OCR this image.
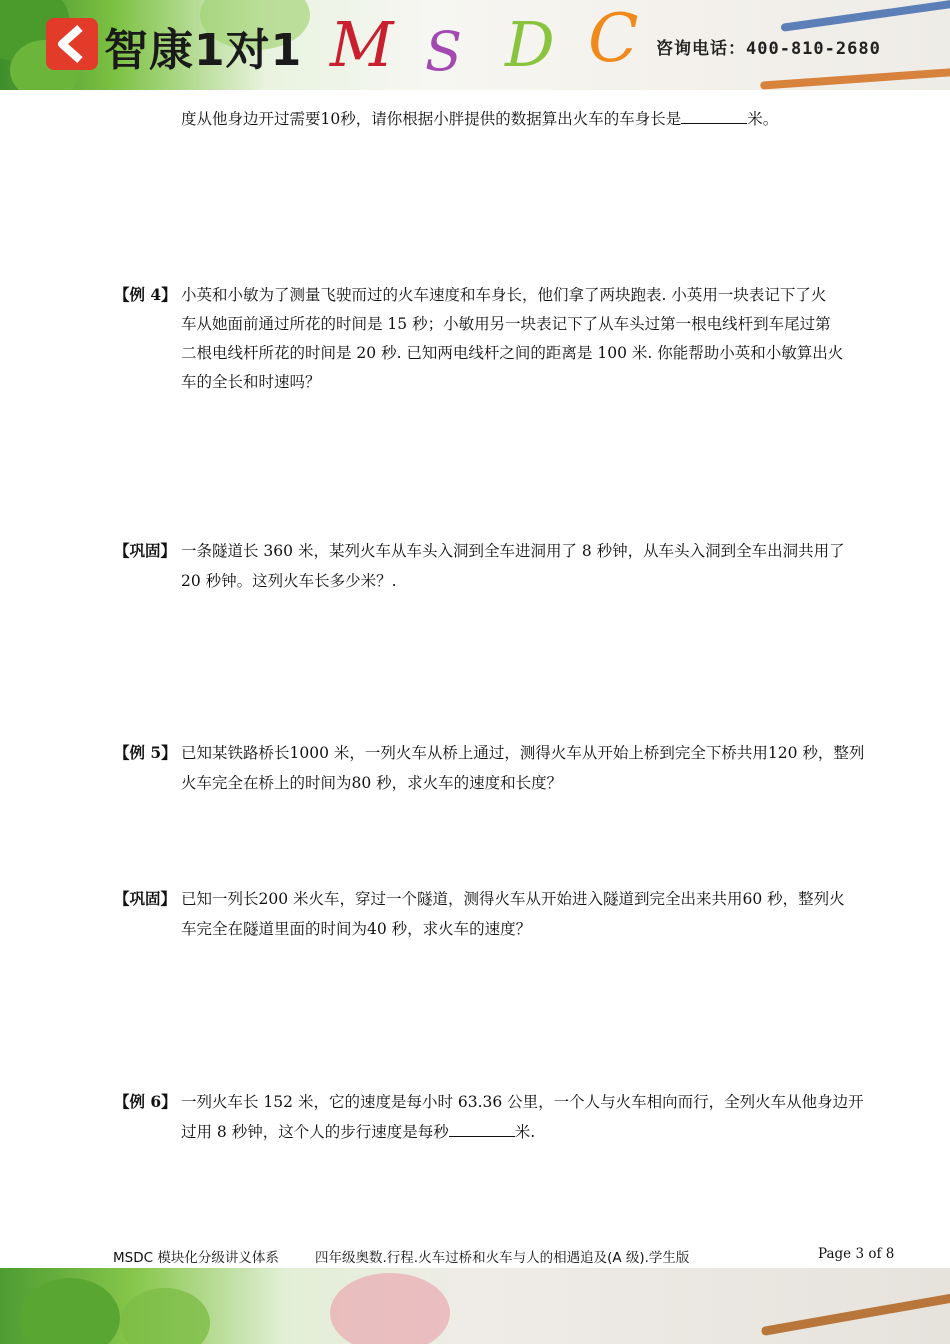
智康1对1 M S D C 咨询电话：400-810-2680
度从他身边开过需要10秒，请你根据小胖提供的数据算出火车的车身长是	米。
【例 4】 小英和小敏为了测量飞驶而过的火车速度和车身长，他们拿了两块跑表. 小英用一块表记下了火
车从她面前通过所花的时间是 15 秒；小敏用另一块表记下了从车头过第一根电线杆到车尾过第
二根电线杆所花的时间是 20 秒. 已知两电线杆之间的距离是 100 米. 你能帮助小英和小敏算出火
车的全长和时速吗？
【巩固】 一条隧道长 360 米，某列火车从车头入洞到全车进洞用了 8 秒钟，从车头入洞到全车出洞共用了
20 秒钟。这列火车长多少米？.
【例 5】 已知某铁路桥长1000 米，一列火车从桥上通过，测得火车从开始上桥到完全下桥共用120 秒，整列
火车完全在桥上的时间为80 秒，求火车的速度和长度？
【巩固】 已知一列长200 米火车，穿过一个隧道，测得火车从开始进入隧道到完全出来共用60 秒，整列火
车完全在隧道里面的时间为40 秒，求火车的速度？
【例 6】 一列火车长 152 米，它的速度是每小时 63.36 公里，一个人与火车相向而行，全列火车从他身边开
过用 8 秒钟，这个人的步行速度是每秒	米.
MSDC 模块化分级讲义体系	四年级奥数.行程.火车过桥和火车与人的相遇追及(A 级).学生版	Page 3 of 8
